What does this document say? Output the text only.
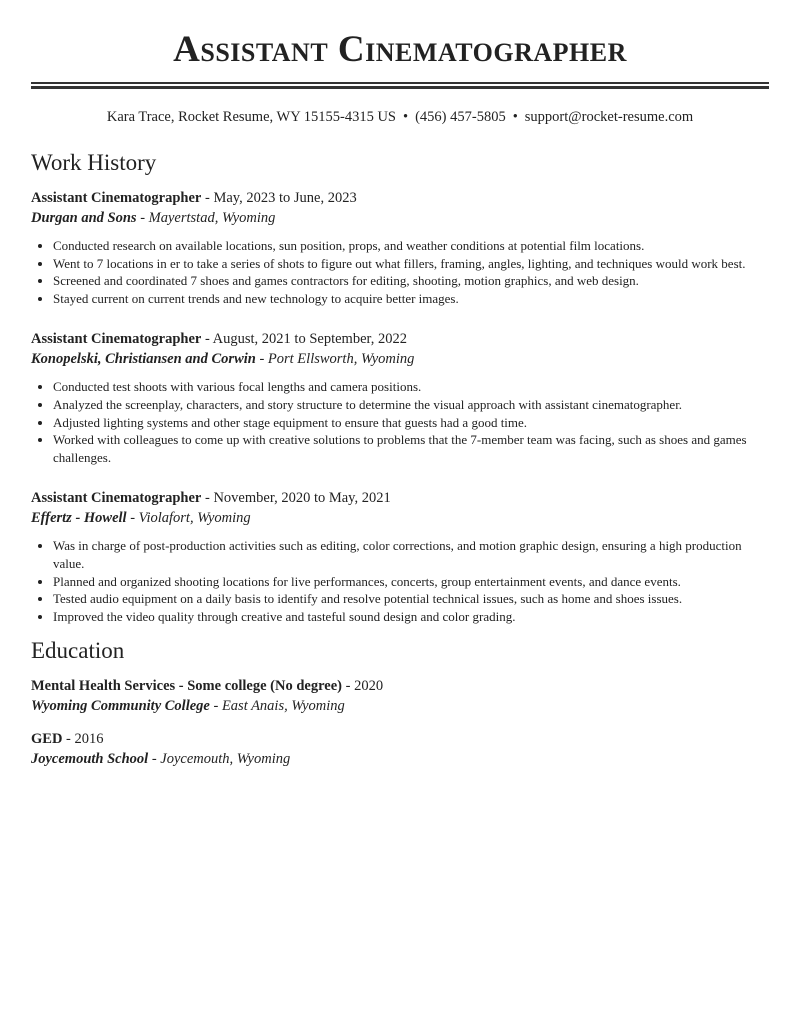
Assistant Cinematographer
Kara Trace, Rocket Resume, WY 15155-4315 US • (456) 457-5805 • support@rocket-resume.com
Work History
Assistant Cinematographer - May, 2023 to June, 2023
Durgan and Sons - Mayertstad, Wyoming
• Conducted research on available locations, sun position, props, and weather conditions at potential film locations.
• Went to 7 locations in er to take a series of shots to figure out what fillers, framing, angles, lighting, and techniques would work best.
• Screened and coordinated 7 shoes and games contractors for editing, shooting, motion graphics, and web design.
• Stayed current on current trends and new technology to acquire better images.
Assistant Cinematographer - August, 2021 to September, 2022
Konopelski, Christiansen and Corwin - Port Ellsworth, Wyoming
• Conducted test shoots with various focal lengths and camera positions.
• Analyzed the screenplay, characters, and story structure to determine the visual approach with assistant cinematographer.
• Adjusted lighting systems and other stage equipment to ensure that guests had a good time.
• Worked with colleagues to come up with creative solutions to problems that the 7-member team was facing, such as shoes and games challenges.
Assistant Cinematographer - November, 2020 to May, 2021
Effertz - Howell - Violafort, Wyoming
• Was in charge of post-production activities such as editing, color corrections, and motion graphic design, ensuring a high production value.
• Planned and organized shooting locations for live performances, concerts, group entertainment events, and dance events.
• Tested audio equipment on a daily basis to identify and resolve potential technical issues, such as home and shoes issues.
• Improved the video quality through creative and tasteful sound design and color grading.
Education
Mental Health Services - Some college (No degree) - 2020
Wyoming Community College - East Anais, Wyoming
GED - 2016
Joycemouth School - Joycemouth, Wyoming
